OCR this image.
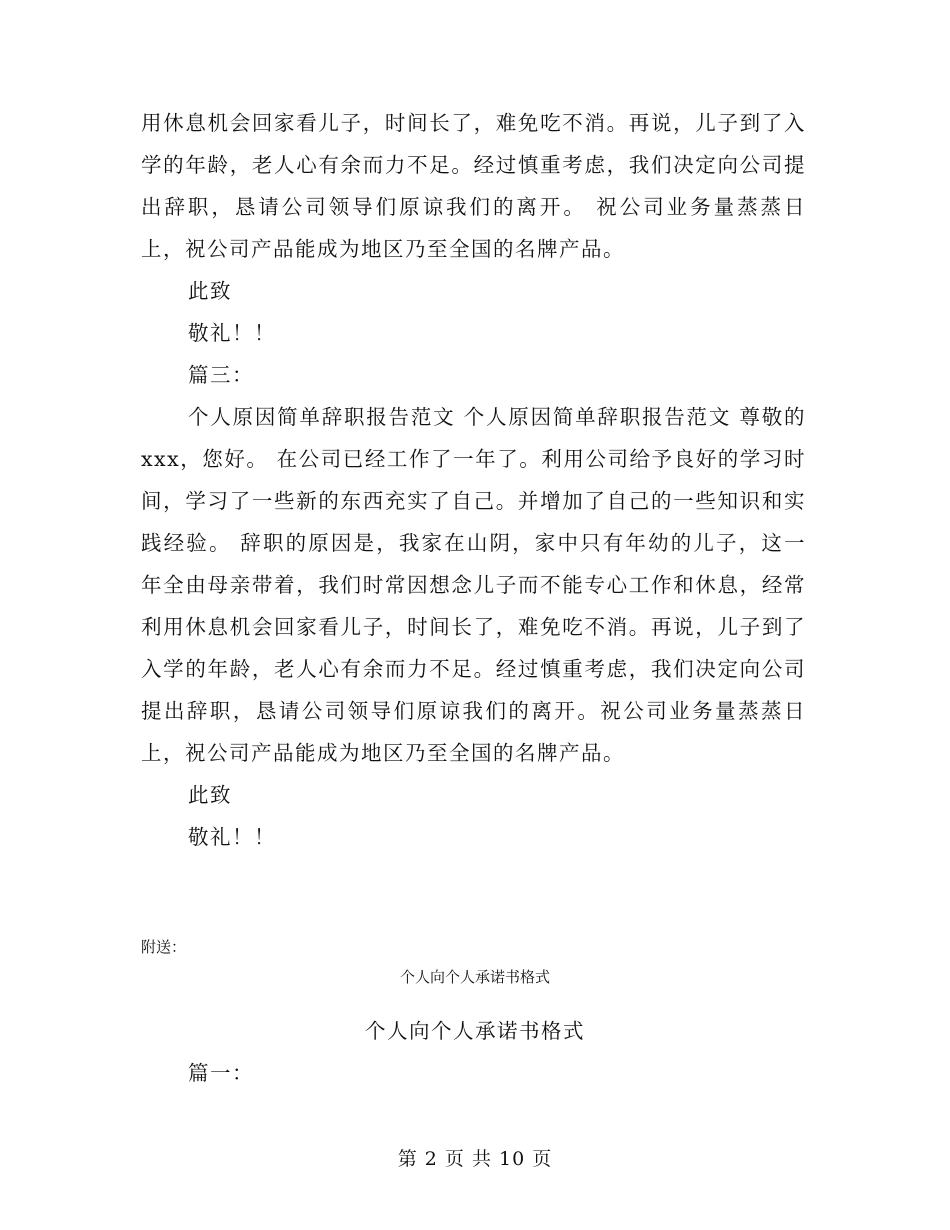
用休息机会回家看儿子，时间长了，难免吃不消。再说，儿子到了入学的年龄，老人心有余而力不足。经过慎重考虑，我们决定向公司提出辞职，恳请公司领导们原谅我们的离开。 祝公司业务量蒸蒸日上，祝公司产品能成为地区乃至全国的名牌产品。

此致

敬礼！！

篇三：

个人原因简单辞职报告范文 个人原因简单辞职报告范文 尊敬的xxx，您好。 在公司已经工作了一年了。利用公司给予良好的学习时间，学习了一些新的东西充实了自己。并增加了自己的一些知识和实践经验。 辞职的原因是，我家在山阴，家中只有年幼的儿子，这一年全由母亲带着，我们时常因想念儿子而不能专心工作和休息，经常利用休息机会回家看儿子，时间长了，难免吃不消。再说，儿子到了入学的年龄，老人心有余而力不足。经过慎重考虑，我们决定向公司提出辞职，恳请公司领导们原谅我们的离开。祝公司业务量蒸蒸日上，祝公司产品能成为地区乃至全国的名牌产品。

此致

敬礼！！

附送：
个人向个人承诺书格式
个人向个人承诺书格式
篇一：
第 2 页 共 10 页
